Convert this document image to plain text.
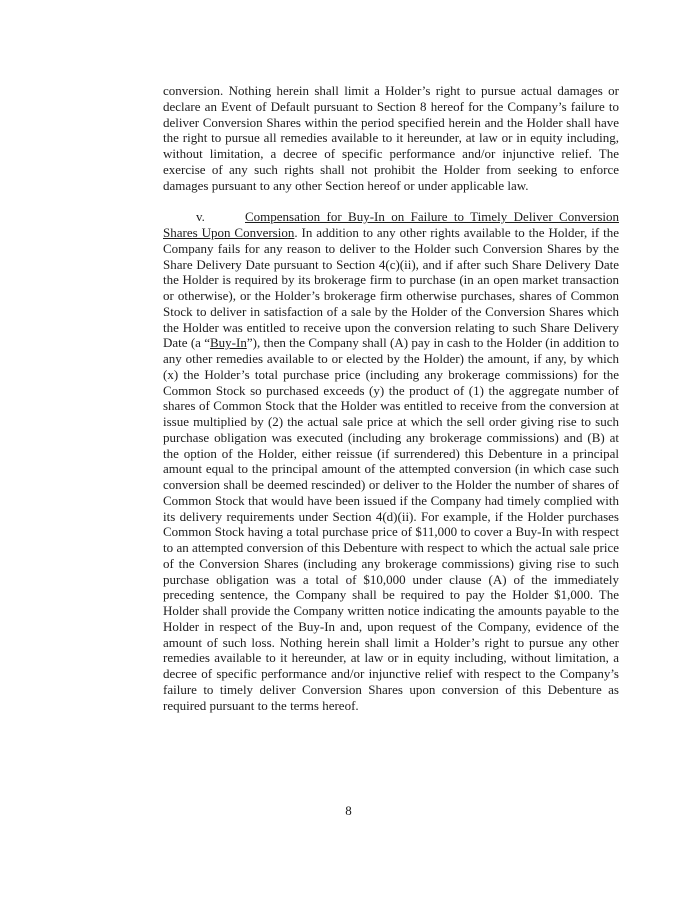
conversion. Nothing herein shall limit a Holder’s right to pursue actual damages or declare an Event of Default pursuant to Section 8 hereof for the Company’s failure to deliver Conversion Shares within the period specified herein and the Holder shall have the right to pursue all remedies available to it hereunder, at law or in equity including, without limitation, a decree of specific performance and/or injunctive relief. The exercise of any such rights shall not prohibit the Holder from seeking to enforce damages pursuant to any other Section hereof or under applicable law.

v.	Compensation for Buy-In on Failure to Timely Deliver Conversion Shares Upon Conversion. In addition to any other rights available to the Holder, if the Company fails for any reason to deliver to the Holder such Conversion Shares by the Share Delivery Date pursuant to Section 4(c)(ii), and if after such Share Delivery Date the Holder is required by its brokerage firm to purchase (in an open market transaction or otherwise), or the Holder’s brokerage firm otherwise purchases, shares of Common Stock to deliver in satisfaction of a sale by the Holder of the Conversion Shares which the Holder was entitled to receive upon the conversion relating to such Share Delivery Date (a “Buy-In”), then the Company shall (A) pay in cash to the Holder (in addition to any other remedies available to or elected by the Holder) the amount, if any, by which (x) the Holder’s total purchase price (including any brokerage commissions) for the Common Stock so purchased exceeds (y) the product of (1) the aggregate number of shares of Common Stock that the Holder was entitled to receive from the conversion at issue multiplied by (2) the actual sale price at which the sell order giving rise to such purchase obligation was executed (including any brokerage commissions) and (B) at the option of the Holder, either reissue (if surrendered) this Debenture in a principal amount equal to the principal amount of the attempted conversion (in which case such conversion shall be deemed rescinded) or deliver to the Holder the number of shares of Common Stock that would have been issued if the Company had timely complied with its delivery requirements under Section 4(d)(ii). For example, if the Holder purchases Common Stock having a total purchase price of $11,000 to cover a Buy-In with respect to an attempted conversion of this Debenture with respect to which the actual sale price of the Conversion Shares (including any brokerage commissions) giving rise to such purchase obligation was a total of $10,000 under clause (A) of the immediately preceding sentence, the Company shall be required to pay the Holder $1,000. The Holder shall provide the Company written notice indicating the amounts payable to the Holder in respect of the Buy-In and, upon request of the Company, evidence of the amount of such loss. Nothing herein shall limit a Holder’s right to pursue any other remedies available to it hereunder, at law or in equity including, without limitation, a decree of specific performance and/or injunctive relief with respect to the Company’s failure to timely deliver Conversion Shares upon conversion of this Debenture as required pursuant to the terms hereof.

8
